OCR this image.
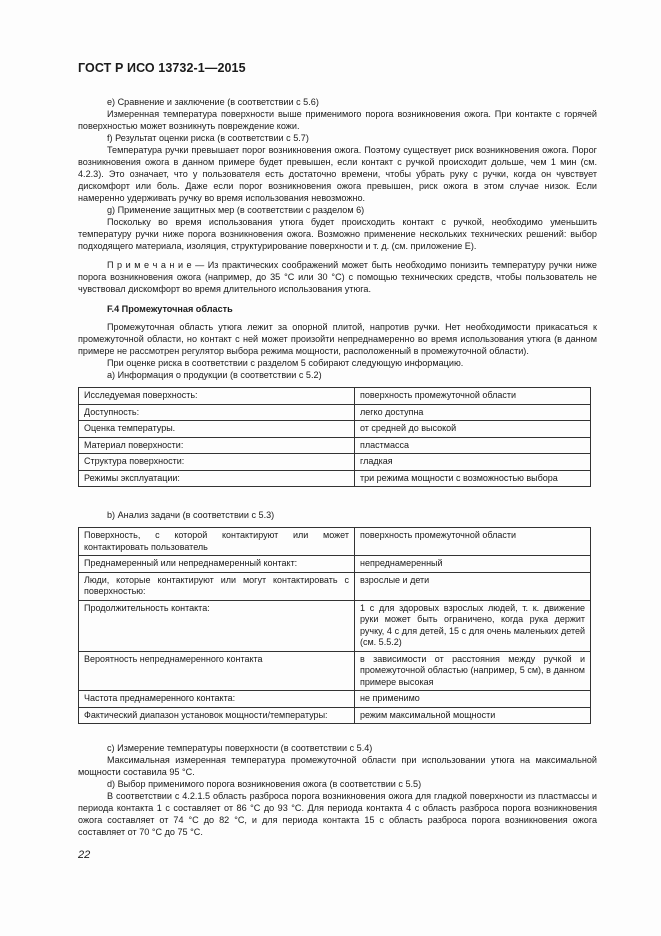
ГОСТ Р ИСО 13732-1—2015

e) Сравнение и заключение (в соответствии с 5.6)

Измеренная температура поверхности выше применимого порога возникновения ожога. При контакте с горячей поверхностью может возникнуть повреждение кожи.

f) Результат оценки риска (в соответствии с 5.7)

Температура ручки превышает порог возникновения ожога. Поэтому существует риск возникновения ожога. Порог возникновения ожога в данном примере будет превышен, если контакт с ручкой происходит дольше, чем 1 мин (см. 4.2.3). Это означает, что у пользователя есть достаточно времени, чтобы убрать руку с ручки, когда он чувствует дискомфорт или боль. Даже если порог возникновения ожога превышен, риск ожога в этом случае низок. Если намеренно удерживать ручку во время использования невозможно.

g) Применение защитных мер (в соответствии с разделом 6)

Поскольку во время использования утюга будет происходить контакт с ручкой, необходимо уменьшить температуру ручки ниже порога возникновения ожога. Возможно применение нескольких технических решений: выбор подходящего материала, изоляция, структурирование поверхности и т. д. (см. приложение E).

П р и м е ч а н и е — Из практических соображений может быть необходимо понизить температуру ручки ниже порога возникновения ожога (например, до 35 °C или 30 °C) с помощью технических средств, чтобы пользователь не чувствовал дискомфорт во время длительного использования утюга.

F.4 Промежуточная область

Промежуточная область утюга лежит за опорной плитой, напротив ручки. Нет необходимости прикасаться к промежуточной области, но контакт с ней может произойти непреднамеренно во время использования утюга (в данном примере не рассмотрен регулятор выбора режима мощности, расположенный в промежуточной области).

При оценке риска в соответствии с разделом 5 собирают следующую информацию.

a) Информация о продукции (в соответствии с 5.2)

Исследуемая поверхность:	поверхность промежуточной области
Доступность:	легко доступна
Оценка температуры.	от средней до высокой
Материал поверхности:	пластмасса
Структура поверхности:	гладкая
Режимы эксплуатации:	три режима мощности с возможностью выбора

b) Анализ задачи (в соответствии с 5.3)

Поверхность, с которой контактируют или может контактировать пользователь	поверхность промежуточной области
Преднамеренный или непреднамеренный контакт:	непреднамеренный
Люди, которые контактируют или могут контактировать с поверхностью:	взрослые и дети
Продолжительность контакта:	1 с для здоровых взрослых людей, т. к. движение руки может быть ограничено, когда рука держит ручку, 4 с для детей, 15 с для очень маленьких детей (см. 5.5.2)
Вероятность непреднамеренного контакта	в зависимости от расстояния между ручкой и промежуточной областью (например, 5 см), в данном примере высокая
Частота преднамеренного контакта:	не применимо
Фактический диапазон установок мощности/температуры:	режим максимальной мощности

c) Измерение температуры поверхности (в соответствии с 5.4)

Максимальная измеренная температура промежуточной области при использовании утюга на максимальной мощности составила 95 °C.

d) Выбор применимого порога возникновения ожога (в соответствии с 5.5)

В соответствии с 4.2.1.5 область разброса порога возникновения ожога для гладкой поверхности из пластмассы и периода контакта 1 с составляет от 86 °C до 93 °C. Для периода контакта 4 с область разброса порога возникновения ожога составляет от 74 °C до 82 °C, и для периода контакта 15 с область разброса порога возникновения ожога составляет от 70 °C до 75 °C.

22
